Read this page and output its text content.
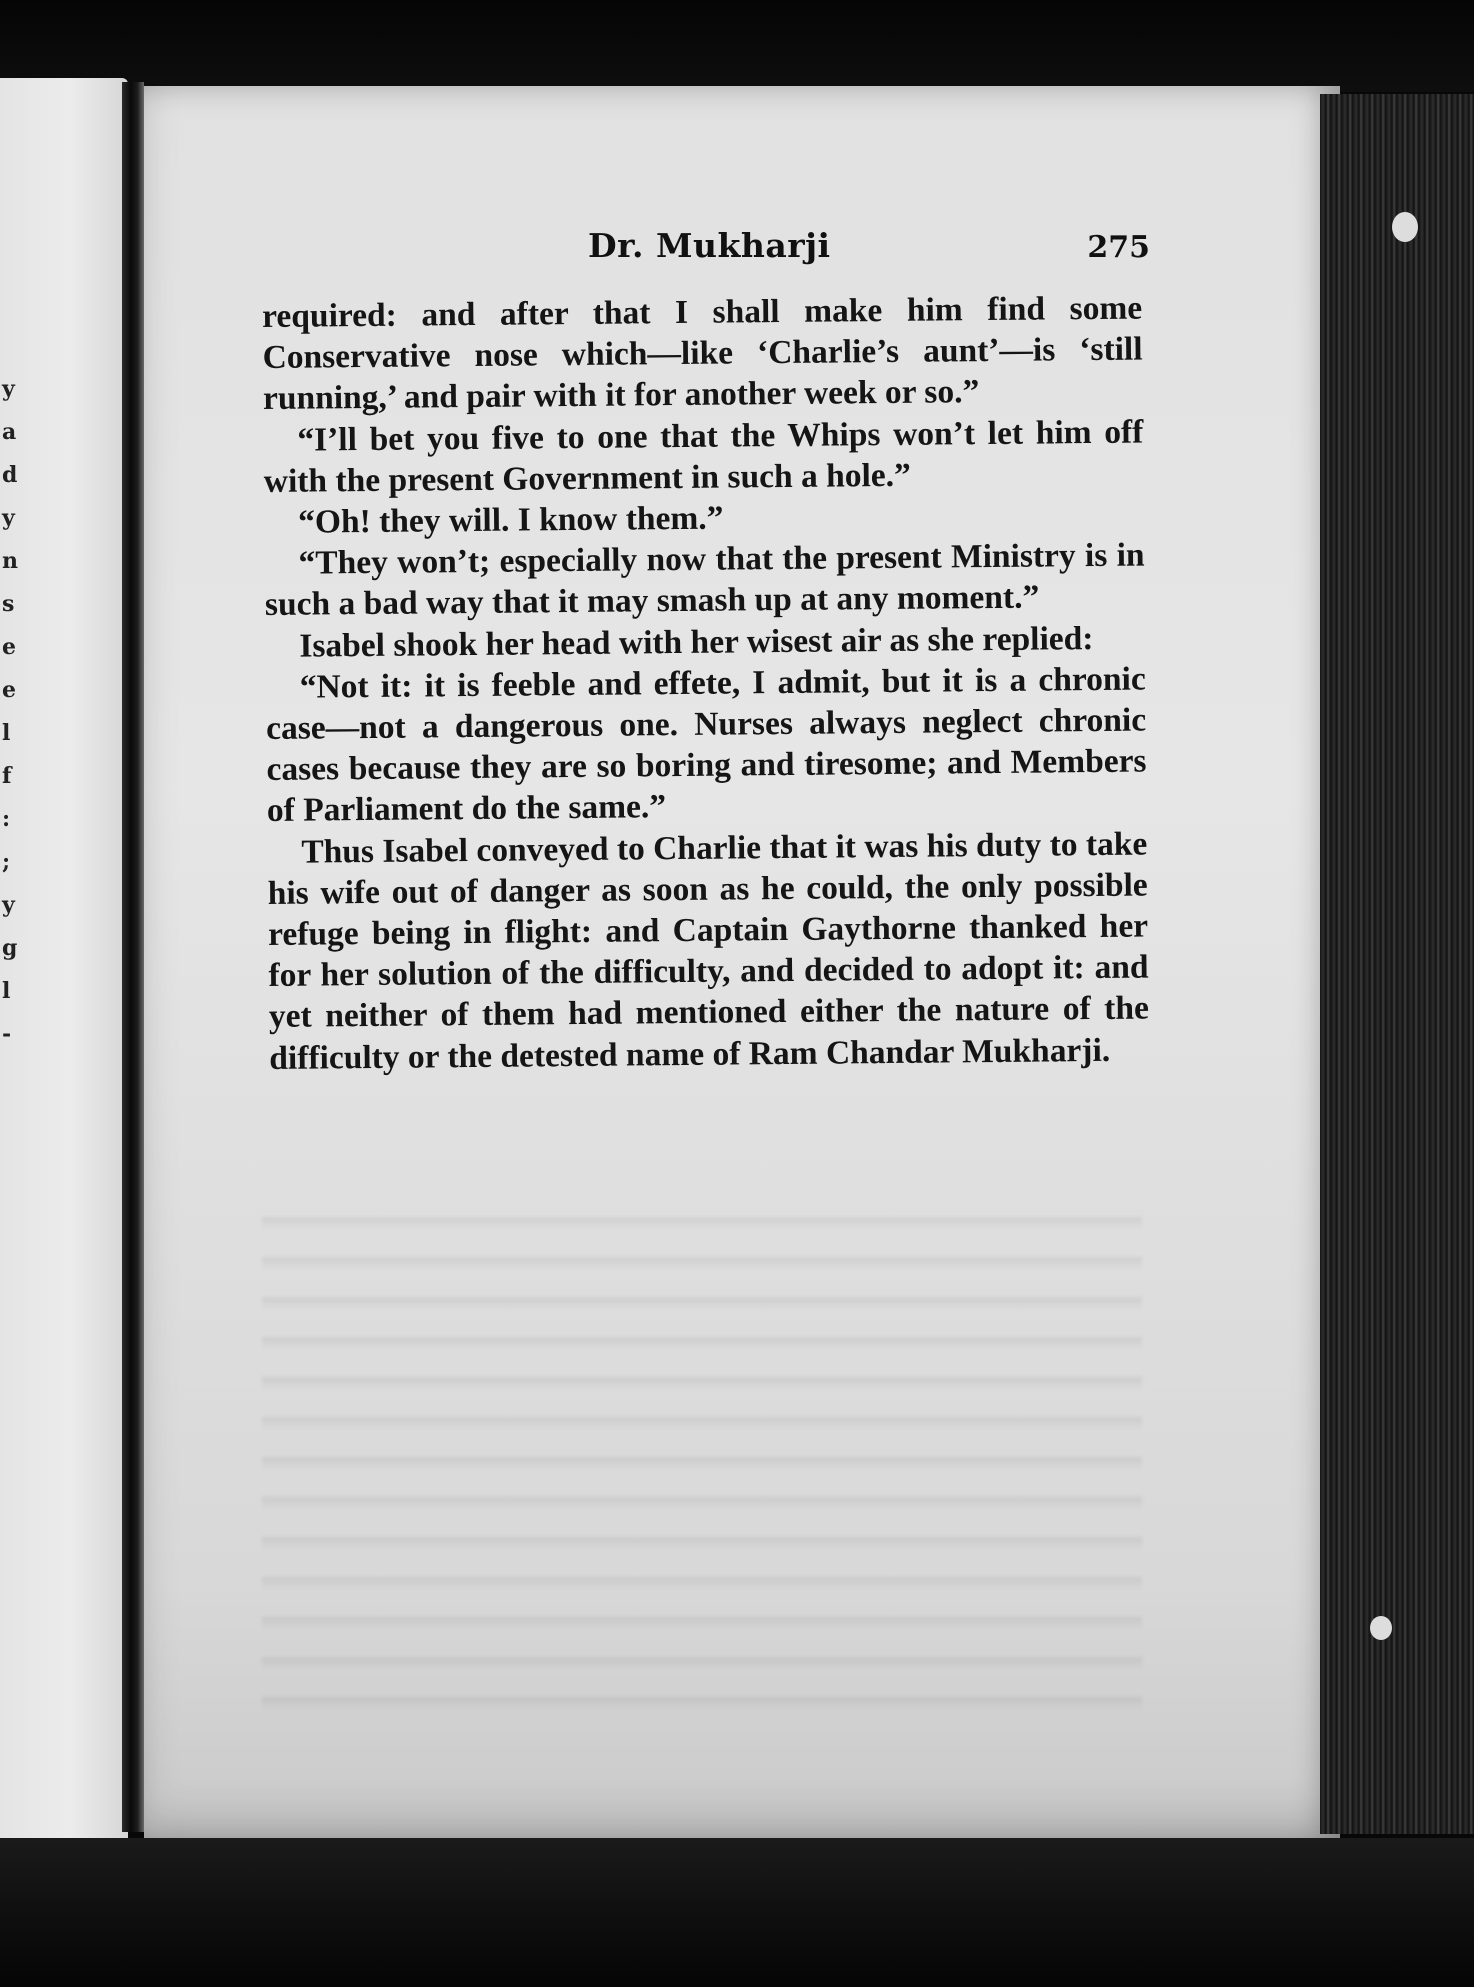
y
a
d
y
n
s
e
e
l
f
:
;
y
g
l
-
Dr. Mukharji	275

required: and after that I shall make him find some Conservative nose which—like ‘Charlie’s aunt’—is ‘still running,’ and pair with it for another week or so.”

“I’ll bet you five to one that the Whips won’t let him off with the present Government in such a hole.”

“Oh! they will. I know them.”

“They won’t; especially now that the present Ministry is in such a bad way that it may smash up at any moment.”

Isabel shook her head with her wisest air as she replied:

“Not it: it is feeble and effete, I admit, but it is a chronic case—not a dangerous one. Nurses always neglect chronic cases because they are so boring and tiresome; and Members of Parliament do the same.”

Thus Isabel conveyed to Charlie that it was his duty to take his wife out of danger as soon as he could, the only possible refuge being in flight: and Captain Gaythorne thanked her for her solution of the difficulty, and decided to adopt it: and yet neither of them had mentioned either the nature of the difficulty or the detested name of Ram Chandar Mukharji.
